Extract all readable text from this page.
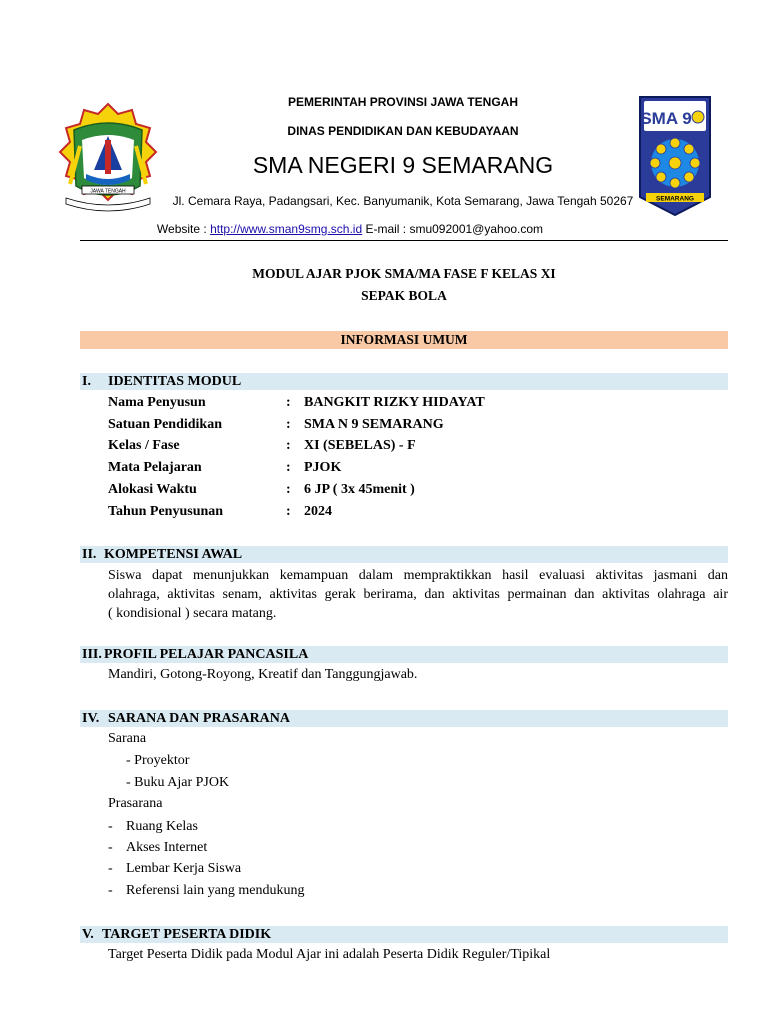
JAWA TENGAH
PEMERINTAH PROVINSI JAWA TENGAH
DINAS PENDIDIKAN DAN KEBUDAYAAN
SMA NEGERI 9 SEMARANG
Jl. Cemara Raya, Padangsari, Kec. Banyumanik, Kota Semarang, Jawa Tengah 50267
Website : http://www.sman9smg.sch.id E-mail : smu092001@yahoo.com
SMA 9
SEMARANG
MODUL AJAR PJOK SMA/MA FASE F KELAS XI
SEPAK BOLA
INFORMASI UMUM
I. IDENTITAS MODUL
Nama Penyusun	: BANGKIT RIZKY HIDAYAT
Satuan Pendidikan	: SMA N 9 SEMARANG
Kelas / Fase	: XI (SEBELAS) - F
Mata Pelajaran	: PJOK
Alokasi Waktu	: 6 JP ( 3x 45menit )
Tahun Penyusunan	: 2024
II. KOMPETENSI AWAL
Siswa dapat menunjukkan kemampuan dalam mempraktikkan hasil evaluasi aktivitas jasmani dan
olahraga, aktivitas senam, aktivitas gerak berirama, dan aktivitas permainan dan aktivitas olahraga air
( kondisional ) secara matang.
III. PROFIL PELAJAR PANCASILA
Mandiri, Gotong-Royong, Kreatif dan Tanggungjawab.
IV. SARANA DAN PRASARANA
Sarana
- Proyektor
- Buku Ajar PJOK
Prasarana
- Ruang Kelas
- Akses Internet
- Lembar Kerja Siswa
- Referensi lain yang mendukung
V. TARGET PESERTA DIDIK
Target Peserta Didik pada Modul Ajar ini adalah Peserta Didik Reguler/Tipikal
